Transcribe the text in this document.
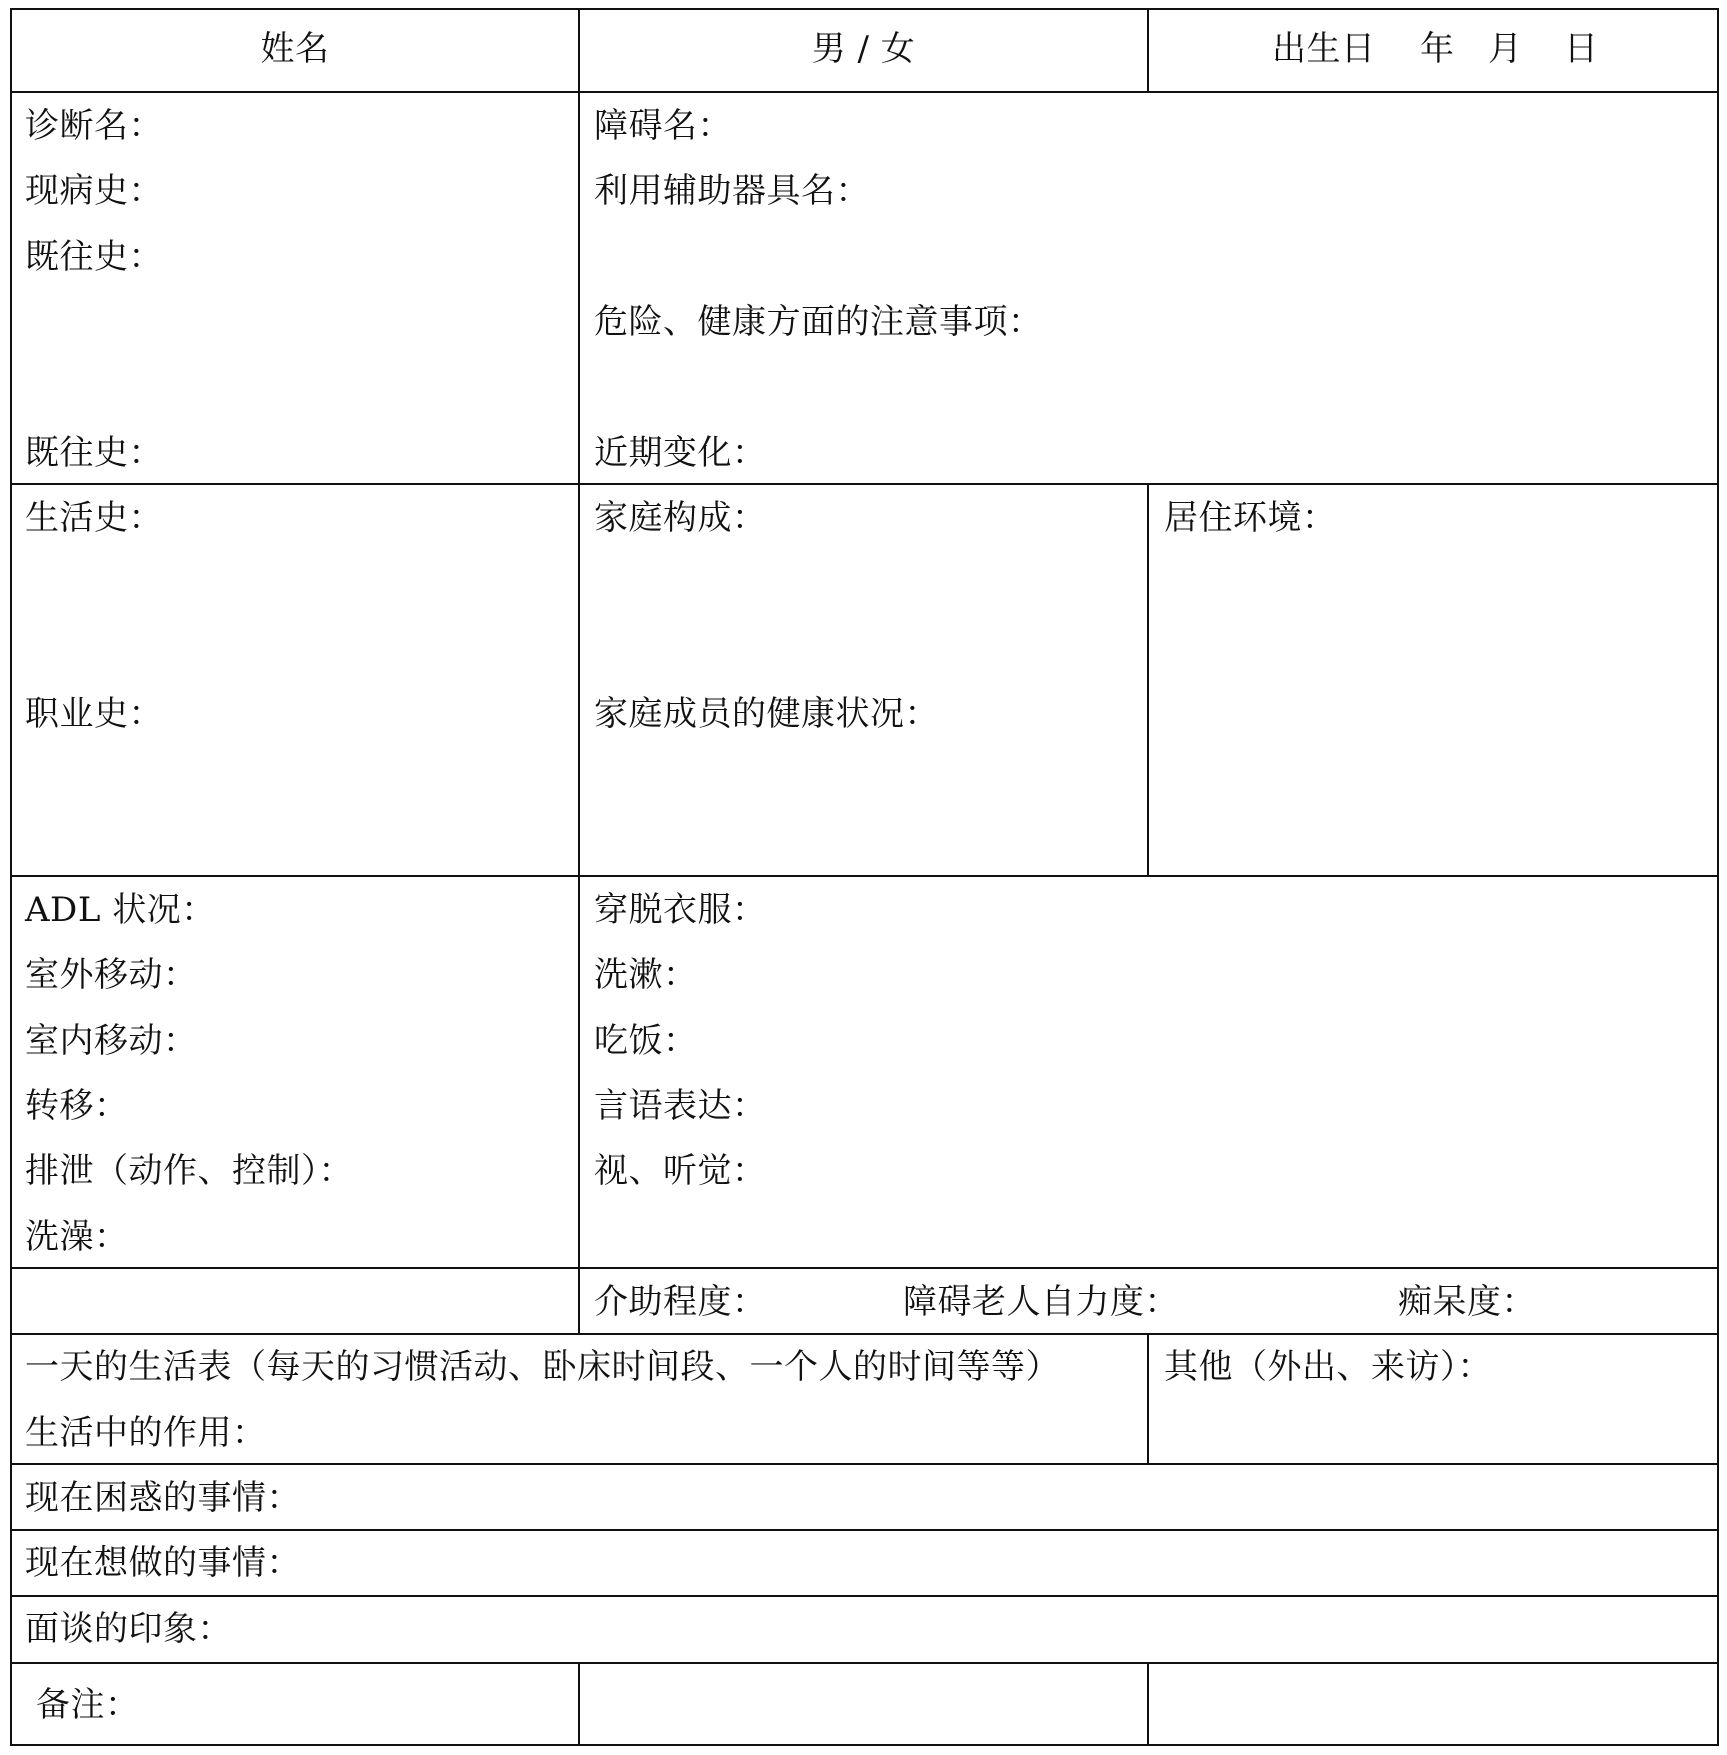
姓名	男 / 女	出生日 年 月 日
诊断名：
现病史：
既往史：
既往史：
障碍名：
利用辅助器具名：
危险、健康方面的注意事项：
近期变化：
生活史：
职业史：
家庭构成：
家庭成员的健康状况：
居住环境：
ADL 状况：
室外移动：
室内移动：
转移：
排泄（动作、控制）：
洗澡：
穿脱衣服：
洗漱：
吃饭：
言语表达：
视、听觉：
介助程度：	障碍老人自力度：	痴呆度：
一天的生活表（每天的习惯活动、卧床时间段、一个人的时间等等）
生活中的作用：
其他（外出、来访）：
现在困惑的事情：
现在想做的事情：
面谈的印象：
备注：
